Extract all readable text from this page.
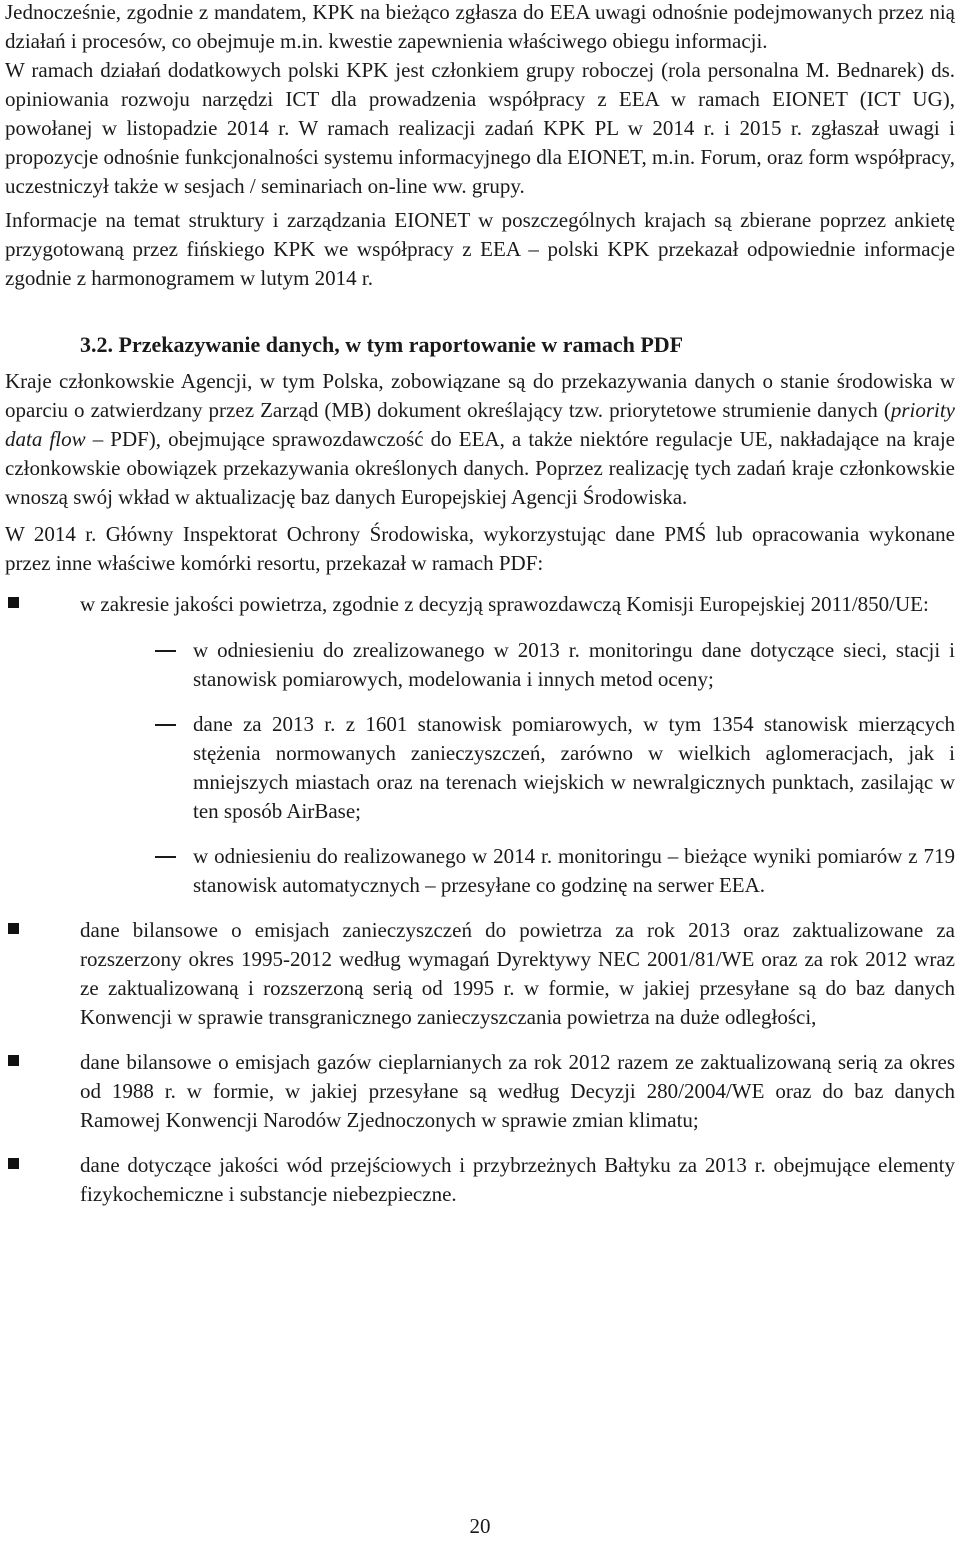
Jednocześnie, zgodnie z mandatem, KPK na bieżąco zgłasza do EEA uwagi odnośnie podejmowanych przez nią działań i procesów, co obejmuje m.in. kwestie zapewnienia właściwego obiegu informacji.

W ramach działań dodatkowych polski KPK jest członkiem grupy roboczej (rola personalna M. Bednarek) ds. opiniowania rozwoju narzędzi ICT dla prowadzenia współpracy z EEA w ramach EIONET (ICT UG), powołanej w listopadzie 2014 r. W ramach realizacji zadań KPK PL w 2014 r. i 2015 r. zgłaszał uwagi i propozycje odnośnie funkcjonalności systemu informacyjnego dla EIONET, m.in. Forum, oraz form współpracy, uczestniczył także w sesjach / seminariach on-line ww. grupy.

Informacje na temat struktury i zarządzania EIONET w poszczególnych krajach są zbierane poprzez ankietę przygotowaną przez fińskiego KPK we współpracy z EEA – polski KPK przekazał odpowiednie informacje zgodnie z harmonogramem w lutym 2014 r.

3.2. Przekazywanie danych, w tym raportowanie w ramach PDF

Kraje członkowskie Agencji, w tym Polska, zobowiązane są do przekazywania danych o stanie środowiska w oparciu o zatwierdzany przez Zarząd (MB) dokument określający tzw. priorytetowe strumienie danych (priority data flow – PDF), obejmujące sprawozdawczość do EEA, a także niektóre regulacje UE, nakładające na kraje członkowskie obowiązek przekazywania określonych danych. Poprzez realizację tych zadań kraje członkowskie wnoszą swój wkład w aktualizację baz danych Europejskiej Agencji Środowiska.

W 2014 r. Główny Inspektorat Ochrony Środowiska, wykorzystując dane PMŚ lub opracowania wykonane przez inne właściwe komórki resortu, przekazał w ramach PDF:

w zakresie jakości powietrza, zgodnie z decyzją sprawozdawczą Komisji Europejskiej 2011/850/UE:
w odniesieniu do zrealizowanego w 2013 r. monitoringu dane dotyczące sieci, stacji i stanowisk pomiarowych, modelowania i innych metod oceny;
dane za 2013 r. z 1601 stanowisk pomiarowych, w tym 1354 stanowisk mierzących stężenia normowanych zanieczyszczeń, zarówno w wielkich aglomeracjach, jak i mniejszych miastach oraz na terenach wiejskich w newralgicznych punktach, zasilając w ten sposób AirBase;
w odniesieniu do realizowanego w 2014 r. monitoringu – bieżące wyniki pomiarów z 719 stanowisk automatycznych – przesyłane co godzinę na serwer EEA.
dane bilansowe o emisjach zanieczyszczeń do powietrza za rok 2013 oraz zaktualizowane za rozszerzony okres 1995-2012 według wymagań Dyrektywy NEC 2001/81/WE oraz za rok 2012 wraz ze zaktualizowaną i rozszerzoną serią od 1995 r. w formie, w jakiej przesyłane są do baz danych Konwencji w sprawie transgranicznego zanieczyszczania powietrza na duże odległości,
dane bilansowe o emisjach gazów cieplarnianych za rok 2012 razem ze zaktualizowaną serią za okres od 1988 r. w formie, w jakiej przesyłane są według Decyzji 280/2004/WE oraz do baz danych Ramowej Konwencji Narodów Zjednoczonych w sprawie zmian klimatu;
dane dotyczące jakości wód przejściowych i przybrzeżnych Bałtyku za 2013 r. obejmujące elementy fizykochemiczne i substancje niebezpieczne.
20
